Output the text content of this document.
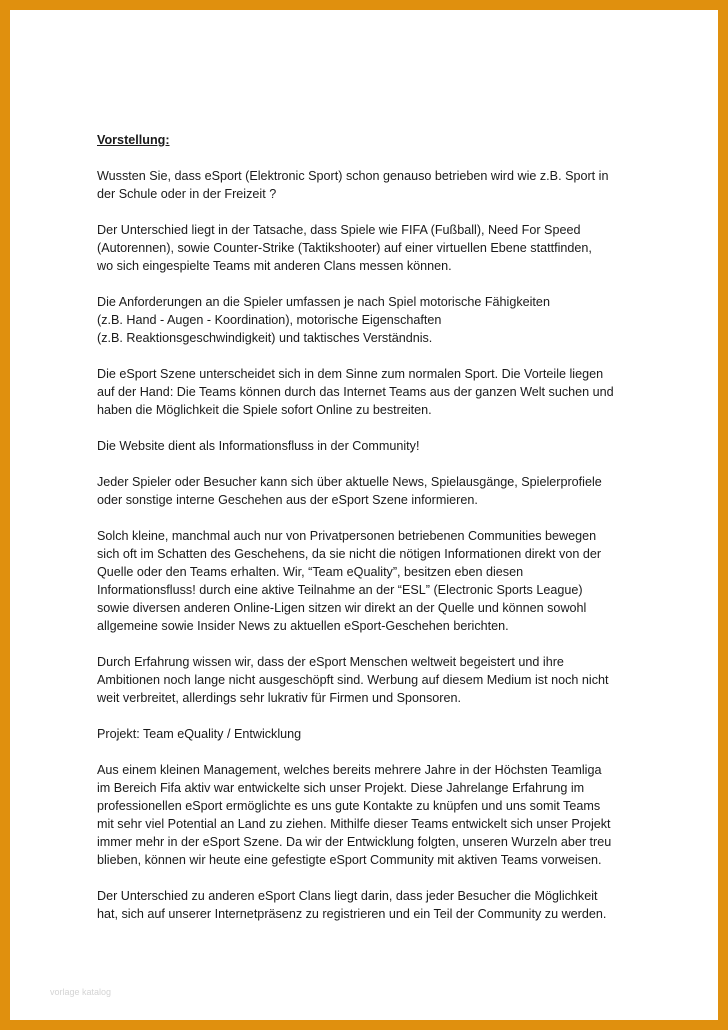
Vorstellung:

Wussten Sie, dass eSport (Elektronic Sport) schon genauso betrieben wird wie z.B. Sport in
der Schule oder in der Freizeit ?

Der Unterschied liegt in der Tatsache, dass Spiele wie FIFA (Fußball), Need For Speed
(Autorennen), sowie Counter-Strike (Taktikshooter) auf einer virtuellen Ebene stattfinden,
wo sich eingespielte Teams mit anderen Clans messen können.

Die Anforderungen an die Spieler umfassen je nach Spiel motorische Fähigkeiten
(z.B. Hand - Augen - Koordination), motorische Eigenschaften
(z.B. Reaktionsgeschwindigkeit) und taktisches Verständnis.

Die eSport Szene unterscheidet sich in dem Sinne zum normalen Sport. Die Vorteile liegen
auf der Hand: Die Teams können durch das Internet Teams aus der ganzen Welt suchen und
haben die Möglichkeit die Spiele sofort Online zu bestreiten.

Die Website dient als Informationsfluss in der Community!

Jeder Spieler oder Besucher kann sich über aktuelle News, Spielausgänge, Spielerprofiele
oder sonstige interne Geschehen aus der eSport Szene informieren.

Solch kleine, manchmal auch nur von Privatpersonen betriebenen Communities bewegen
sich oft im Schatten des Geschehens, da sie nicht die nötigen Informationen direkt von der
Quelle oder den Teams erhalten. Wir, “Team eQuality”, besitzen eben diesen
Informationsfluss! durch eine aktive Teilnahme an der “ESL” (Electronic Sports League)
sowie diversen anderen Online-Ligen sitzen wir direkt an der Quelle und können sowohl
allgemeine sowie Insider News zu aktuellen eSport-Geschehen berichten.

Durch Erfahrung wissen wir, dass der eSport Menschen weltweit begeistert und ihre
Ambitionen noch lange nicht ausgeschöpft sind. Werbung auf diesem Medium ist noch nicht
weit verbreitet, allerdings sehr lukrativ für Firmen und Sponsoren.

Projekt: Team eQuality / Entwicklung

Aus einem kleinen Management, welches bereits mehrere Jahre in der Höchsten Teamliga
im Bereich Fifa aktiv war entwickelte sich unser Projekt. Diese Jahrelange Erfahrung im
professionellen eSport ermöglichte es uns gute Kontakte zu knüpfen und uns somit Teams
mit sehr viel Potential an Land zu ziehen. Mithilfe dieser Teams entwickelt sich unser Projekt
immer mehr in der eSport Szene. Da wir der Entwicklung folgten, unseren Wurzeln aber treu
blieben, können wir heute eine gefestigte eSport Community mit aktiven Teams vorweisen.

Der Unterschied zu anderen eSport Clans liegt darin, dass jeder Besucher die Möglichkeit
hat, sich auf unserer Internetpräsenz zu registrieren und ein Teil der Community zu werden.

vorlage katalog
